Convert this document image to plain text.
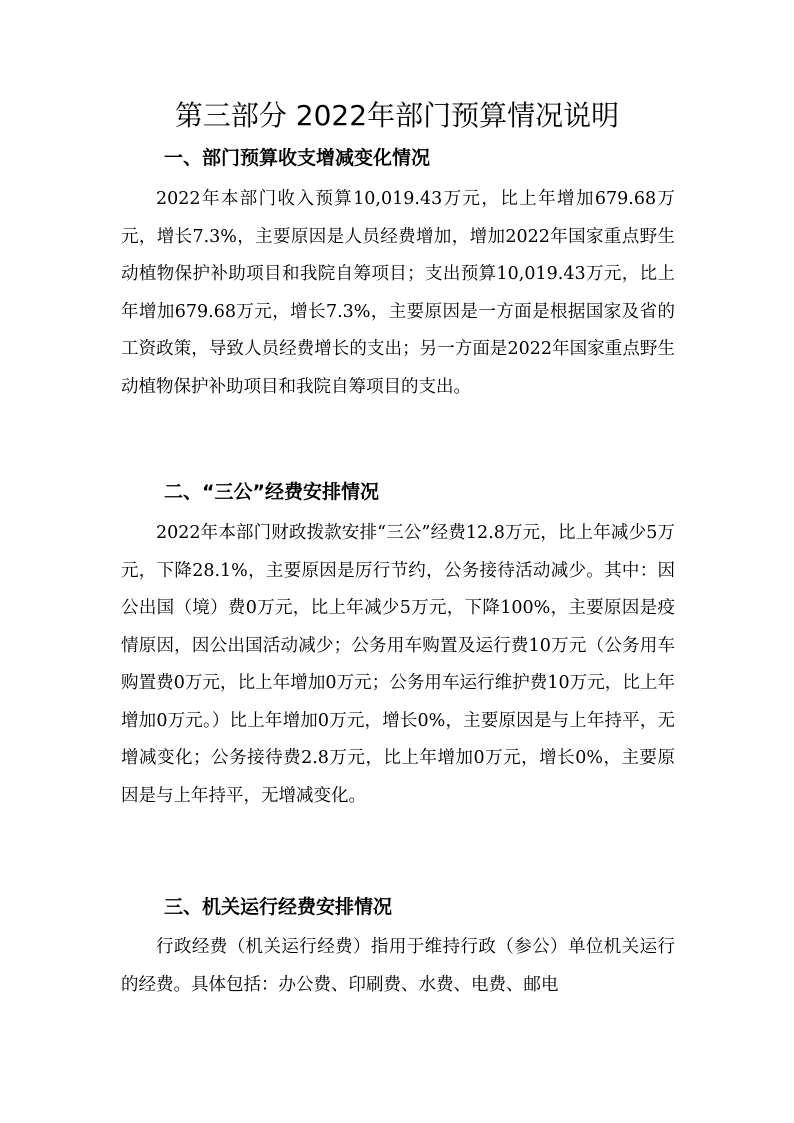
第三部分 2022年部门预算情况说明
一、部门预算收支增减变化情况

2022年本部门收入预算10,019.43万元，比上年增加679.68万元，增长7.3%，主要原因是人员经费增加，增加2022年国家重点野生动植物保护补助项目和我院自筹项目；支出预算10,019.43万元，比上年增加679.68万元，增长7.3%，主要原因是一方面是根据国家及省的工资政策，导致人员经费增长的支出；另一方面是2022年国家重点野生动植物保护补助项目和我院自筹项目的支出。

二、“三公”经费安排情况

2022年本部门财政拨款安排“三公”经费12.8万元，比上年减少5万元，下降28.1%，主要原因是厉行节约，公务接待活动减少。其中：因公出国（境）费0万元，比上年减少5万元，下降100%，主要原因是疫情原因，因公出国活动减少；公务用车购置及运行费10万元（公务用车购置费0万元，比上年增加0万元；公务用车运行维护费10万元，比上年增加0万元。）比上年增加0万元，增长0%，主要原因是与上年持平，无增减变化；公务接待费2.8万元，比上年增加0万元，增长0%，主要原因是与上年持平，无增减变化。

三、机关运行经费安排情况

行政经费（机关运行经费）指用于维持行政（参公）单位机关运行的经费。具体包括：办公费、印刷费、水费、电费、邮电
